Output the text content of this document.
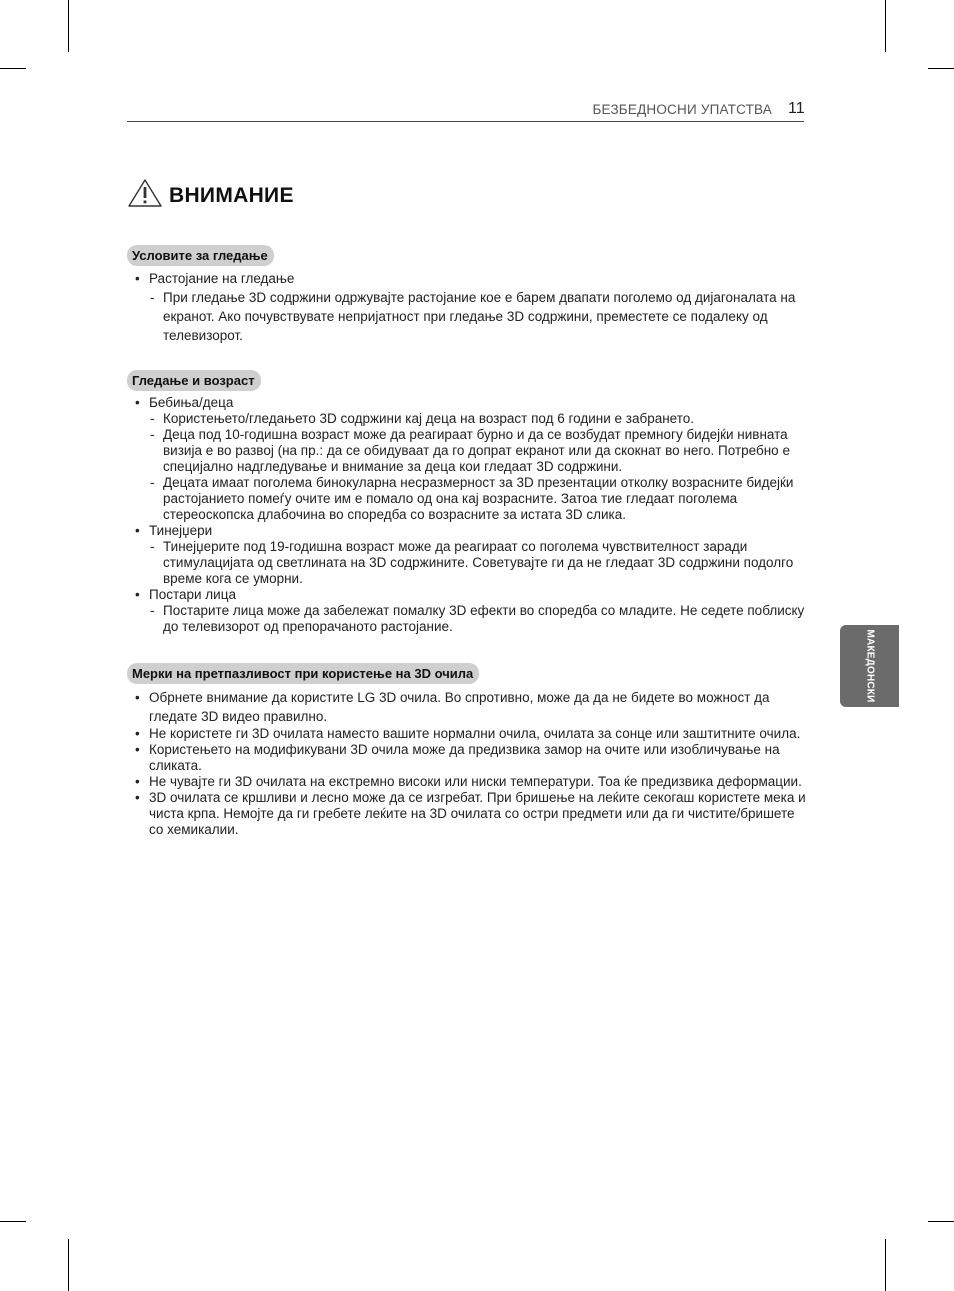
БЕЗБЕДНОСНИ УПАТСТВА 11
ВНИМАНИЕ
Условите за гледање
• Растојание на гледање
- При гледање 3D содржини одржувајте растојание кое е барем двапати поголемо од дијагоналата на екранот. Ако почувствувате непријатност при гледање 3D содржини, преместете се подалеку од телевизорот.
Гледање и возраст
• Бебиња/деца
- Користењето/гледањето 3D содржини кај деца на возраст под 6 години е забрането.
- Деца под 10-годишна возраст може да реагираат бурно и да се возбудат премногу бидејќи нивната визија е во развој (на пр.: да се обидуваат да го допрат екранот или да скокнат во него. Потребно е специјално надгледување и внимание за деца кои гледаат 3D содржини.
- Децата имаат поголема бинокуларна несразмерност за 3D презентации отколку возрасните бидејќи растојанието помеѓу очите им е помало од она кај возрасните. Затоа тие гледаат поголема стереоскопска длабочина во споредба со возрасните за истата 3D слика.
• Тинејџери
- Тинејџерите под 19-годишна возраст може да реагираат со поголема чувствителност заради стимулацијата од светлината на 3D содржините. Советувајте ги да не гледаат 3D содржини подолго време кога се уморни.
• Постари лица
- Постарите лица може да забележат помалку 3D ефекти во споредба со младите. Не седете поблиску до телевизорот од препорачаното растојание.
Мерки на претпазливост при користење на 3D очила
• Обрнете внимание да користите LG 3D очила. Во спротивно, може да да не бидете во можност да гледате 3D видео правилно.
• Не користете ги 3D очилата наместо вашите нормални очила, очилата за сонце или заштитните очила.
• Користењето на модификувани 3D очила може да предизвика замор на очите или изобличување на сликата.
• Не чувајте ги 3D очилата на екстремно високи или ниски температури. Тоа ќе предизвика деформации.
• 3D очилата се кршливи и лесно може да се изгребат. При бришење на леќите секогаш користете мека и чиста крпа. Немојте да ги гребете леќите на 3D очилата со остри предмети или да ги чистите/бришете со хемикалии.
МАКЕДОНСКИ
